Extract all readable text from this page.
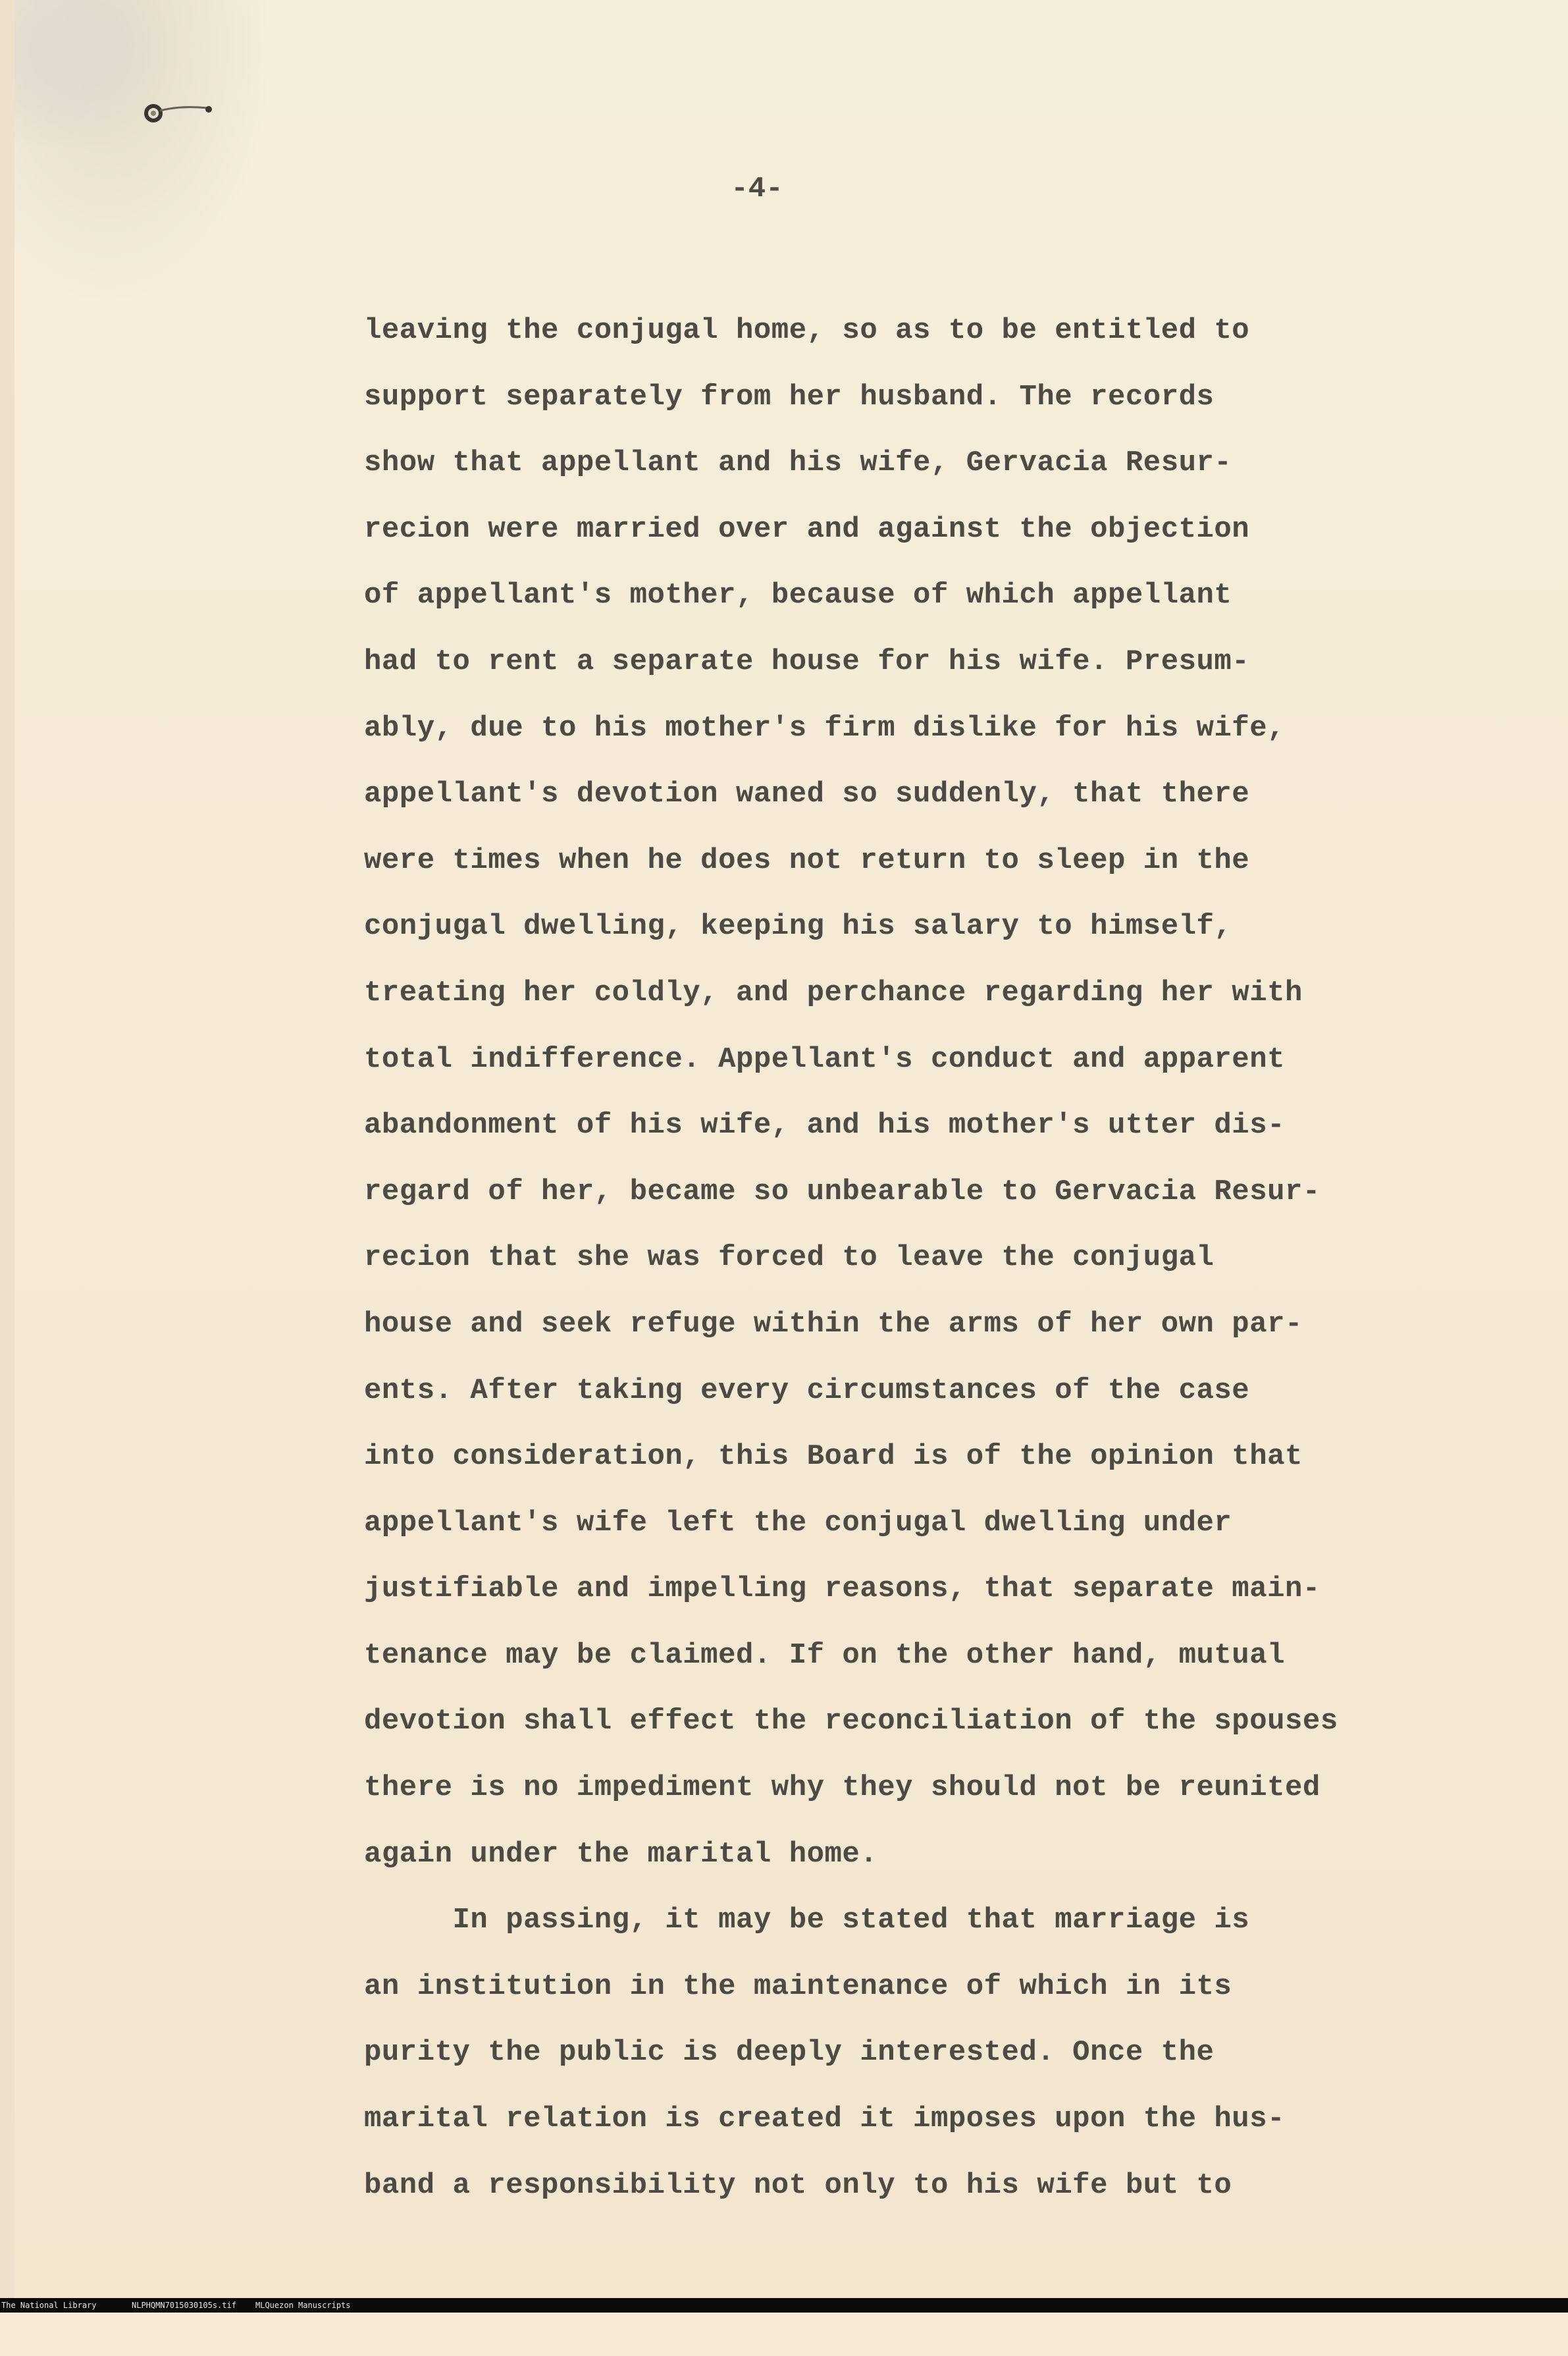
-4-
leaving the conjugal home, so as to be entitled to
support separately from her husband. The records
show that appellant and his wife, Gervacia Resur-
recion were married over and against the objection
of appellant's mother, because of which appellant
had to rent a separate house for his wife. Presum-
ably, due to his mother's firm dislike for his wife,
appellant's devotion waned so suddenly, that there
were times when he does not return to sleep in the
conjugal dwelling, keeping his salary to himself,
treating her coldly, and perchance regarding her with
total indifference. Appellant's conduct and apparent
abandonment of his wife, and his mother's utter dis-
regard of her, became so unbearable to Gervacia Resur-
recion that she was forced to leave the conjugal
house and seek refuge within the arms of her own par-
ents. After taking every circumstances of the case
into consideration, this Board is of the opinion that
appellant's wife left the conjugal dwelling under
justifiable and impelling reasons, that separate main-
tenance may be claimed. If on the other hand, mutual
devotion shall effect the reconciliation of the spouses
there is no impediment why they should not be reunited
again under the marital home.
In passing, it may be stated that marriage is
an institution in the maintenance of which in its
purity the public is deeply interested. Once the
marital relation is created it imposes upon the hus-
band a responsibility not only to his wife but to

The National Library

	NLPHQMN7015030105s.tif

MLQuezon Manuscripts
